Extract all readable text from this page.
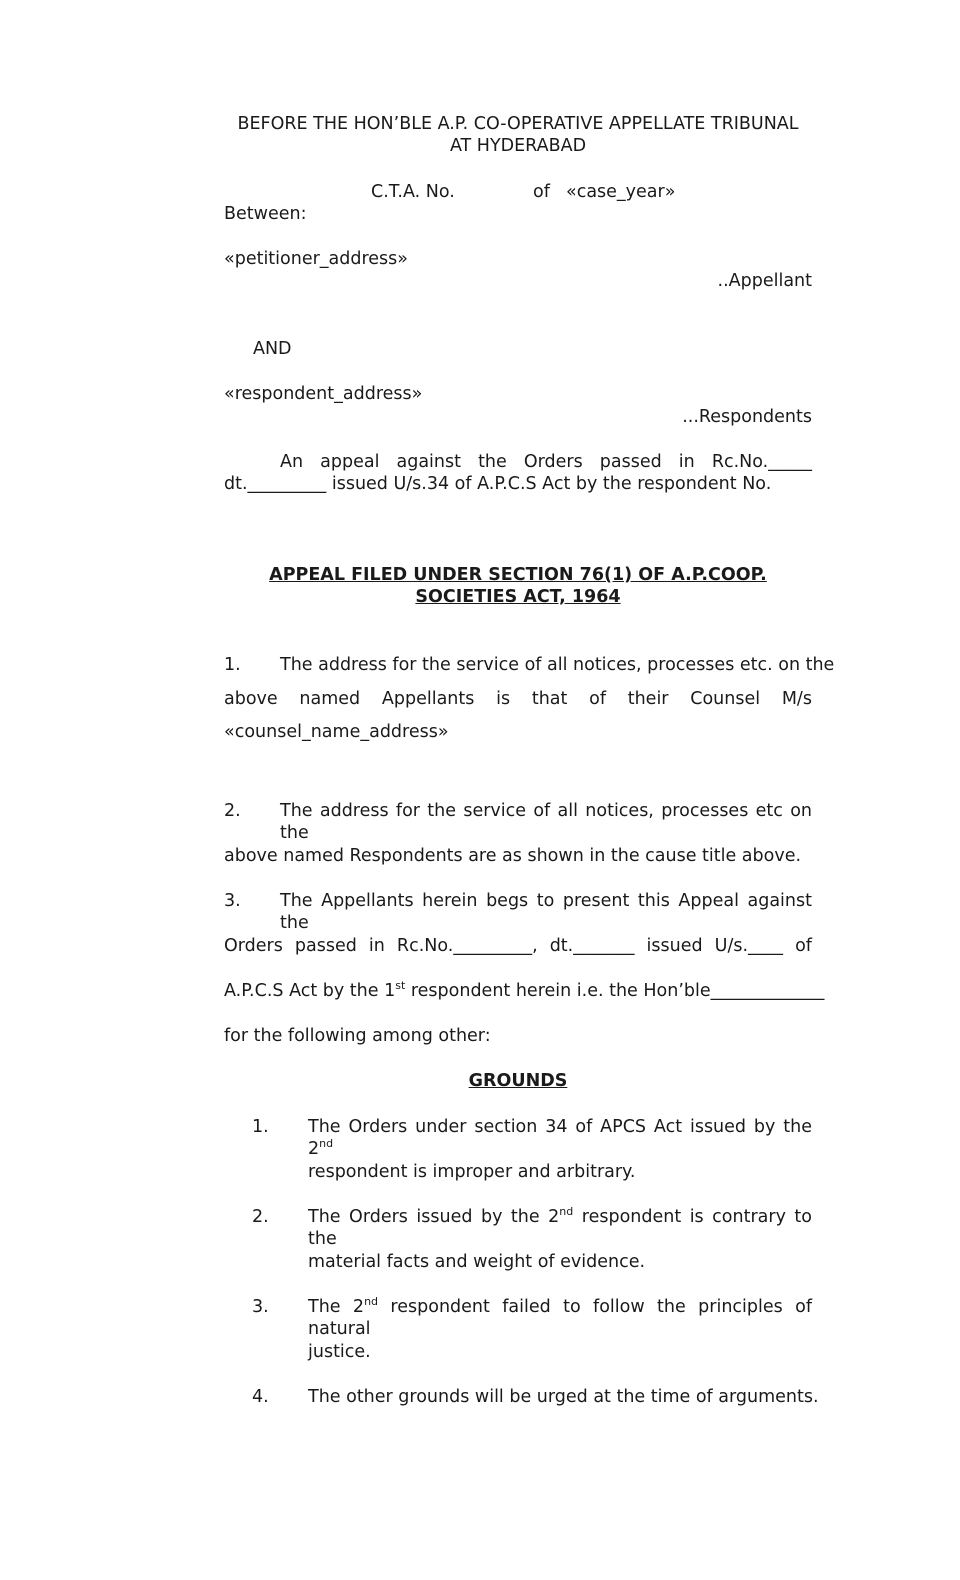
BEFORE THE HON’BLE A.P. CO-OPERATIVE APPELLATE TRIBUNAL
AT HYDERABAD
C.T.A. No.	of «case_year»
Between:
«petitioner_address»
..Appellant
AND
«respondent_address»
...Respondents
An appeal against the Orders passed in Rc.No._____
dt._________ issued U/s.34 of A.P.C.S Act by the respondent No.
APPEAL FILED UNDER SECTION 76(1) OF A.P.COOP.
SOCIETIES ACT, 1964
1. The address for the service of all notices, processes etc. on the
above named Appellants is that of their Counsel M/s
«counsel_name_address»
2. The address for the service of all notices, processes etc on the
above named Respondents are as shown in the cause title above.
3. The Appellants herein begs to present this Appeal against the
Orders passed in Rc.No._________, dt._______ issued U/s.____ of
A.P.C.S Act by the 1st respondent herein i.e. the Hon’ble _____________
for the following among other:
GROUNDS
1. The Orders under section 34 of APCS Act issued by the 2nd
respondent is improper and arbitrary.
2. The Orders issued by the 2nd respondent is contrary to the
material facts and weight of evidence.
3. The 2nd respondent failed to follow the principles of natural
justice.
4. The other grounds will be urged at the time of arguments.
